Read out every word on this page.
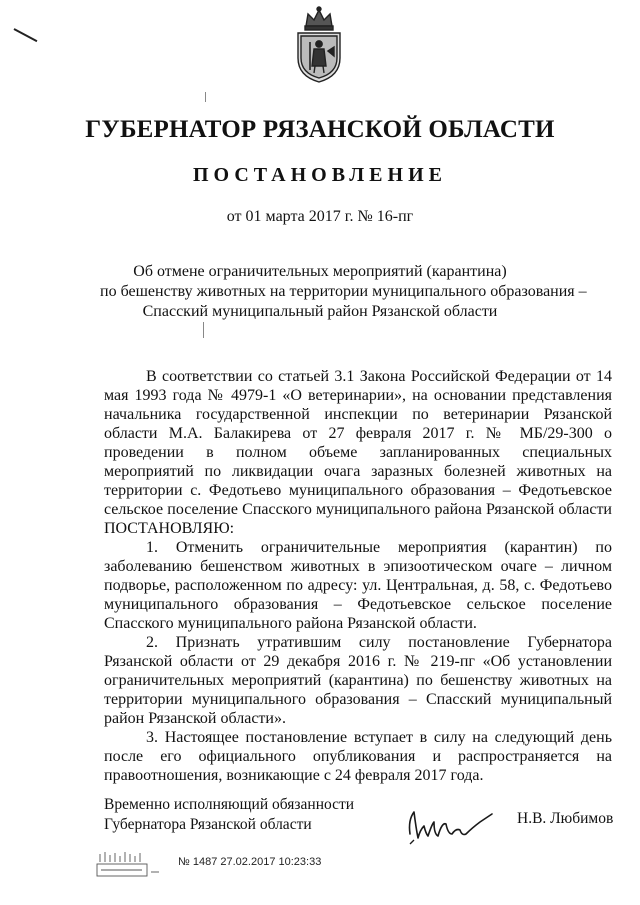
ГУБЕРНАТОР РЯЗАНСКОЙ ОБЛАСТИ
ПОСТАНОВЛЕНИЕ
от 01 марта 2017 г. № 16-пг
Об отмене ограничительных мероприятий (карантина)
по бешенству животных на территории муниципального образования –
Спасский муниципальный район Рязанской области

В соответствии со статьей 3.1 Закона Российской Федерации от 14 мая 1993 года № 4979-1 «О ветеринарии», на основании представления начальника государственной инспекции по ветеринарии Рязанской области М.А. Балакирева от 27 февраля 2017 г. № МБ/29-300 о проведении в полном объеме запланированных специальных мероприятий по ликвидации очага заразных болезней животных на территории с. Федотьево муниципального образования – Федотьевское сельское поселение Спасского муниципального района Рязанской области ПОСТАНОВЛЯЮ:

1. Отменить ограничительные мероприятия (карантин) по заболеванию бешенством животных в эпизоотическом очаге – личном подворье, расположенном по адресу: ул. Центральная, д. 58, с. Федотьево муниципального образования – Федотьевское сельское поселение Спасского муниципального района Рязанской области.

2. Признать утратившим силу постановление Губернатора Рязанской области от 29 декабря 2016 г. № 219-пг «Об установлении ограничительных мероприятий (карантина) по бешенству животных на территории муниципального образования – Спасский муниципальный район Рязанской области».

3. Настоящее постановление вступает в силу на следующий день после его официального опубликования и распространяется на правоотношения, возникающие с 24 февраля 2017 года.

Временно исполняющий обязанности
Губернатора Рязанской области	Н.В. Любимов
№ 1487 27.02.2017 10:23:33
